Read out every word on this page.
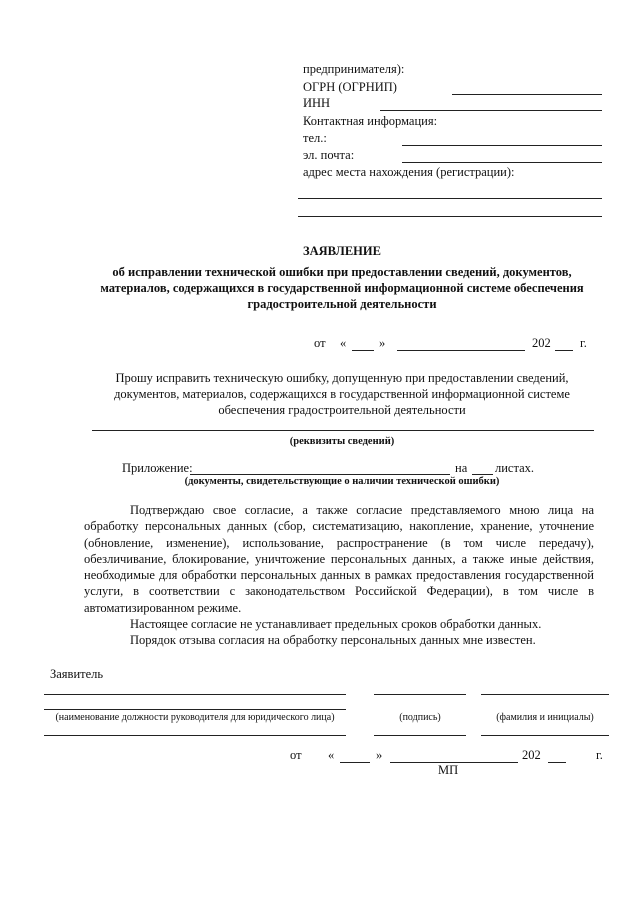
предпринимателя):
ОГРН (ОГРНИП)
ИНН
Контактная информация:
тел.:
эл. почта:
адрес места нахождения (регистрации):
ЗАЯВЛЕНИЕ
об исправлении технической ошибки при предоставлении сведений, документов,
материалов, содержащихся в государственной информационной системе обеспечения
градостроительной деятельности
от «	»	202 г.
Прошу исправить техническую ошибку, допущенную при предоставлении сведений,
документов, материалов, содержащихся в государственной информационной системе
обеспечения градостроительной деятельности
(реквизиты сведений)
Приложение:	на листах.
(документы, свидетельствующие о наличии технической ошибки)

Подтверждаю свое согласие, а также согласие представляемого мною лица на обработку персональных данных (сбор, систематизацию, накопление, хранение, уточнение (обновление, изменение), использование, распространение (в том числе передачу), обезличивание, блокирование, уничтожение персональных данных, а также иные действия, необходимые для обработки персональных данных в рамках предоставления государственной услуги, в соответствии с законодательством Российской Федерации), в том числе в автоматизированном режиме.

Настоящее согласие не устанавливает предельных сроков обработки данных.

Порядок отзыва согласия на обработку персональных данных мне известен.

Заявитель
(наименование должности руководителя для юридического лица)	(подпись)	(фамилия и инициалы)
от «	»	202	г.
МП
